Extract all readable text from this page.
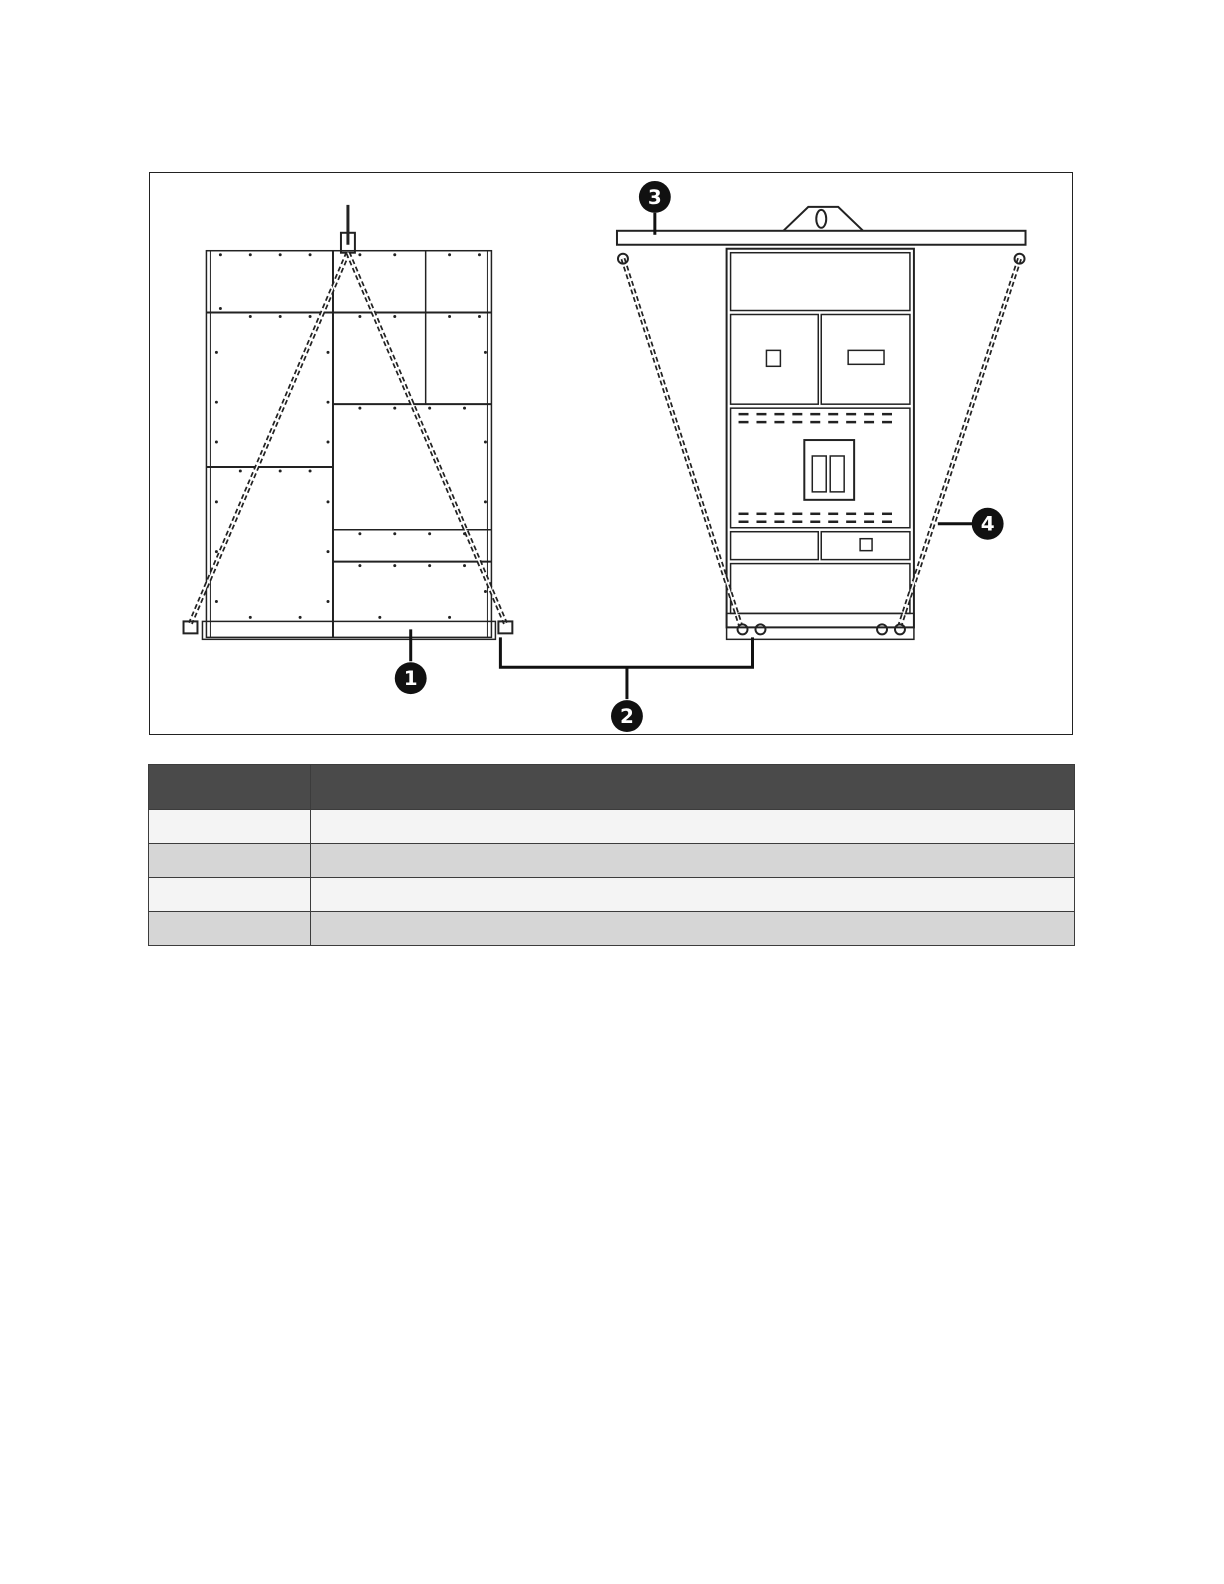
1
2
3
4
